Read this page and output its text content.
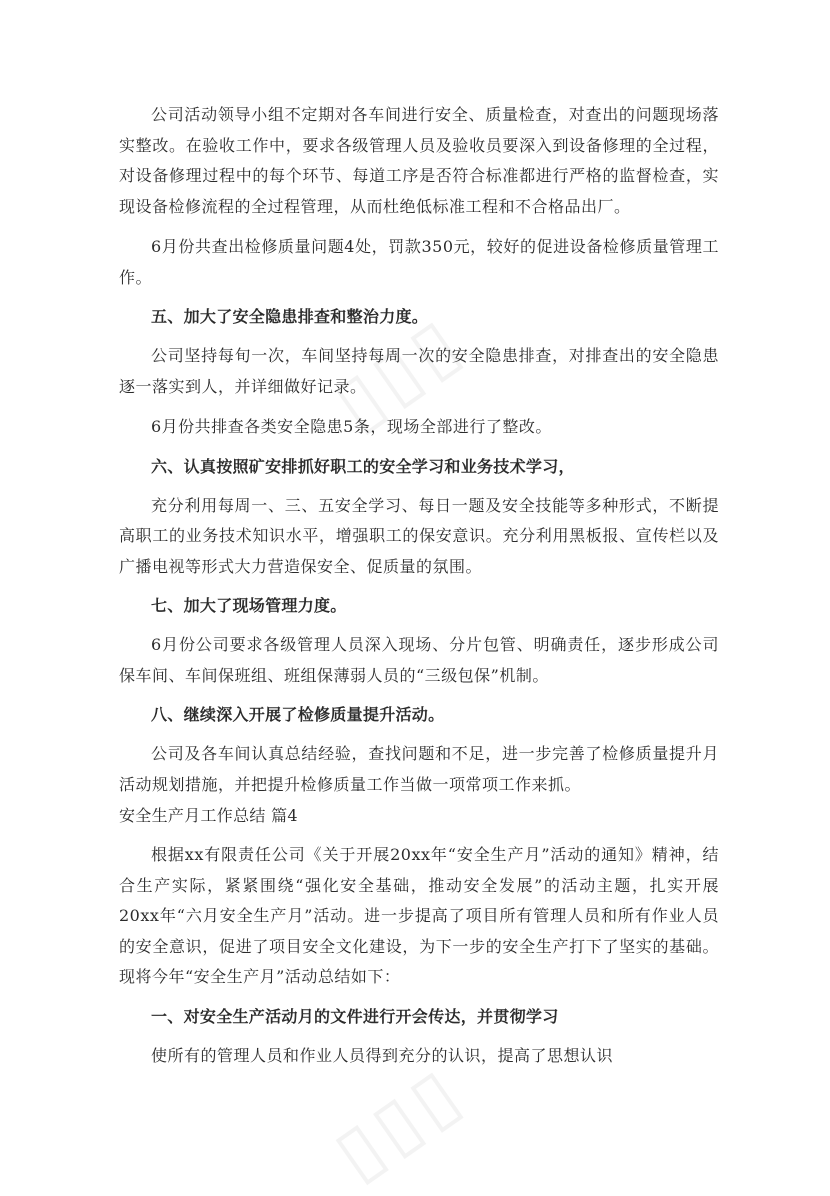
公司活动领导小组不定期对各车间进行安全、质量检查，对查出的问题现场落实整改。在验收工作中，要求各级管理人员及验收员要深入到设备修理的全过程，对设备修理过程中的每个环节、每道工序是否符合标准都进行严格的监督检查，实现设备检修流程的全过程管理，从而杜绝低标准工程和不合格品出厂。

6月份共查出检修质量问题4处，罚款350元，较好的促进设备检修质量管理工作。

五、加大了安全隐患排查和整治力度。

公司坚持每旬一次，车间坚持每周一次的安全隐患排查，对排查出的安全隐患逐一落实到人，并详细做好记录。

6月份共排查各类安全隐患5条，现场全部进行了整改。

六、认真按照矿安排抓好职工的安全学习和业务技术学习，

充分利用每周一、三、五安全学习、每日一题及安全技能等多种形式，不断提高职工的业务技术知识水平，增强职工的保安意识。充分利用黑板报、宣传栏以及广播电视等形式大力营造保安全、促质量的氛围。

七、加大了现场管理力度。

6月份公司要求各级管理人员深入现场、分片包管、明确责任，逐步形成公司保车间、车间保班组、班组保薄弱人员的“三级包保”机制。

八、继续深入开展了检修质量提升活动。

公司及各车间认真总结经验，查找问题和不足，进一步完善了检修质量提升月活动规划措施，并把提升检修质量工作当做一项常项工作来抓。

安全生产月工作总结 篇4

根据xx有限责任公司《关于开展20xx年“安全生产月”活动的通知》精神，结合生产实际，紧紧围绕“强化安全基础，推动安全发展”的活动主题，扎实开展20xx年“六月安全生产月”活动。进一步提高了项目所有管理人员和所有作业人员的安全意识，促进了项目安全文化建设，为下一步的安全生产打下了坚实的基础。现将今年“安全生产月”活动总结如下：

一、对安全生产活动月的文件进行开会传达，并贯彻学习

使所有的管理人员和作业人员得到充分的认识，提高了思想认识
